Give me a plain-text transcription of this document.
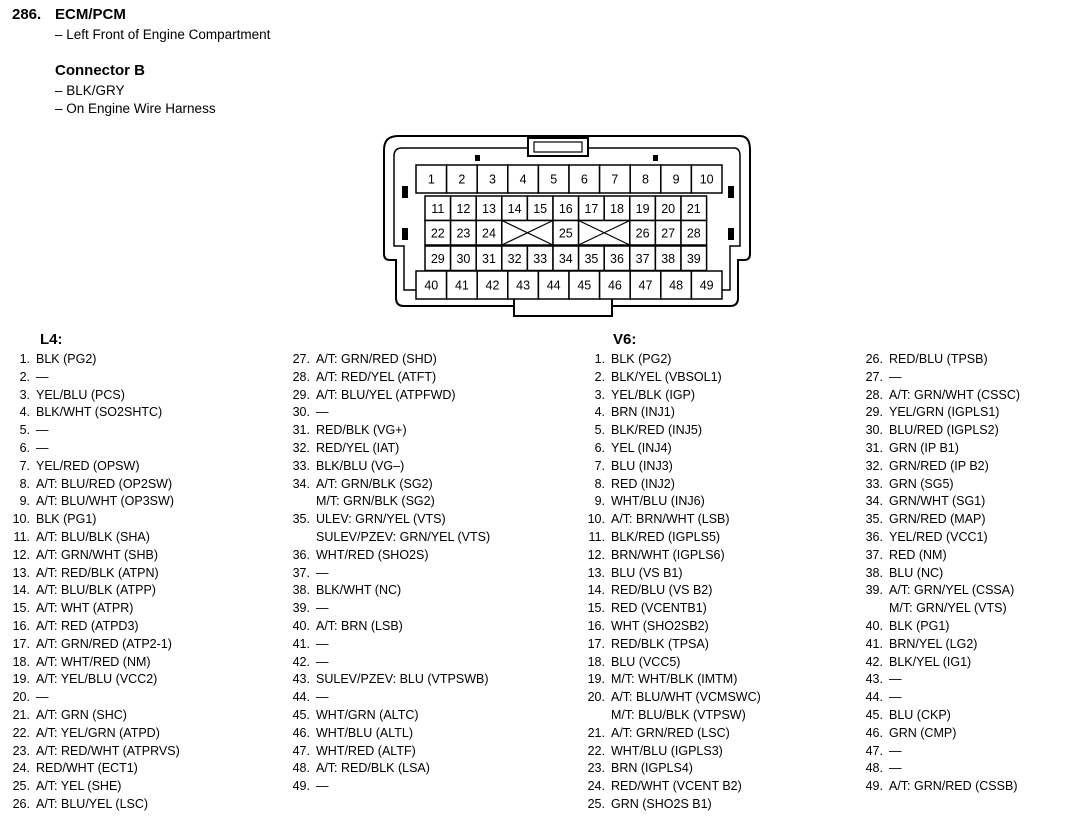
286. ECM/PCM
– Left Front of Engine Compartment
Connector B
– BLK/GRY
– On Engine Wire Harness
1 2 3 4 5 6 7 8 9 10
11 12 13 14 15 16 17 18 19 20 21
22 23 24	25	26 27 28
29 30 31 32 33 34 35 36 37 38 39
40 41 42 43 44 45 46 47 48 49
L4:	V6:
1. BLK (PG2)
2. —
3. YEL/BLU (PCS)
4. BLK/WHT (SO2SHTC)
5. —
6. —
7. YEL/RED (OPSW)
8. A/T: BLU/RED (OP2SW)
9. A/T: BLU/WHT (OP3SW)
10. BLK (PG1)
11. A/T: BLU/BLK (SHA)
12. A/T: GRN/WHT (SHB)
13. A/T: RED/BLK (ATPN)
14. A/T: BLU/BLK (ATPP)
15. A/T: WHT (ATPR)
16. A/T: RED (ATPD3)
17. A/T: GRN/RED (ATP2-1)
18. A/T: WHT/RED (NM)
19. A/T: YEL/BLU (VCC2)
20. —
21. A/T: GRN (SHC)
22. A/T: YEL/GRN (ATPD)
23. A/T: RED/WHT (ATPRVS)
24. RED/WHT (ECT1)
25. A/T: YEL (SHE)
26. A/T: BLU/YEL (LSC)
27. A/T: GRN/RED (SHD)
28. A/T: RED/YEL (ATFT)
29. A/T: BLU/YEL (ATPFWD)
30. —
31. RED/BLK (VG+)
32. RED/YEL (IAT)
33. BLK/BLU (VG–)
34. A/T: GRN/BLK (SG2)
M/T: GRN/BLK (SG2)
35. ULEV: GRN/YEL (VTS)
SULEV/PZEV: GRN/YEL (VTS)
36. WHT/RED (SHO2S)
37. —
38. BLK/WHT (NC)
39. —
40. A/T: BRN (LSB)
41. —
42. —
43. SULEV/PZEV: BLU (VTPSWB)
44. —
45. WHT/GRN (ALTC)
46. WHT/BLU (ALTL)
47. WHT/RED (ALTF)
48. A/T: RED/BLK (LSA)
49. —
1. BLK (PG2)
2. BLK/YEL (VBSOL1)
3. YEL/BLK (IGP)
4. BRN (INJ1)
5. BLK/RED (INJ5)
6. YEL (INJ4)
7. BLU (INJ3)
8. RED (INJ2)
9. WHT/BLU (INJ6)
10. A/T: BRN/WHT (LSB)
11. BLK/RED (IGPLS5)
12. BRN/WHT (IGPLS6)
13. BLU (VS B1)
14. RED/BLU (VS B2)
15. RED (VCENTB1)
16. WHT (SHO2SB2)
17. RED/BLK (TPSA)
18. BLU (VCC5)
19. M/T: WHT/BLK (IMTM)
20. A/T: BLU/WHT (VCMSWC)
M/T: BLU/BLK (VTPSW)
21. A/T: GRN/RED (LSC)
22. WHT/BLU (IGPLS3)
23. BRN (IGPLS4)
24. RED/WHT (VCENT B2)
25. GRN (SHO2S B1)
26. RED/BLU (TPSB)
27. —
28. A/T: GRN/WHT (CSSC)
29. YEL/GRN (IGPLS1)
30. BLU/RED (IGPLS2)
31. GRN (IP B1)
32. GRN/RED (IP B2)
33. GRN (SG5)
34. GRN/WHT (SG1)
35. GRN/RED (MAP)
36. YEL/RED (VCC1)
37. RED (NM)
38. BLU (NC)
39. A/T: GRN/YEL (CSSA)
M/T: GRN/YEL (VTS)
40. BLK (PG1)
41. BRN/YEL (LG2)
42. BLK/YEL (IG1)
43. —
44. —
45. BLU (CKP)
46. GRN (CMP)
47. —
48. —
49. A/T: GRN/RED (CSSB)
